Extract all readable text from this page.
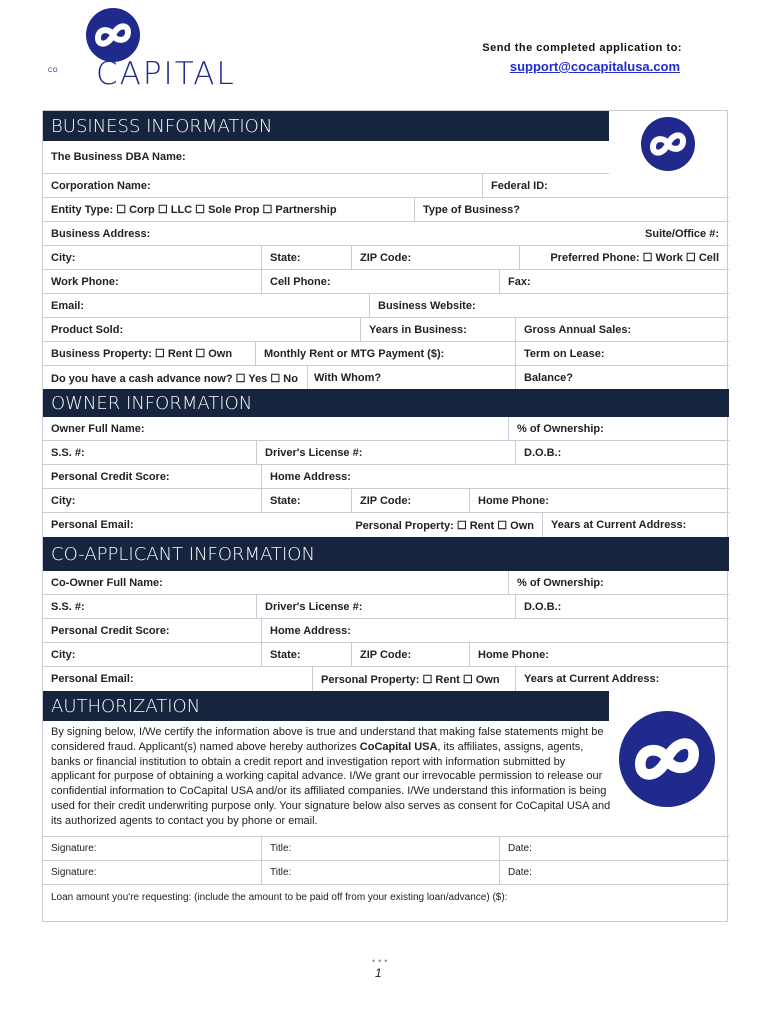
CO CAPITAL
Send the completed application to:
support@cocapitalusa.com
BUSINESS INFORMATION
The Business DBA Name:
Corporation Name:	Federal ID:
Entity Type: ☐ Corp ☐ LLC ☐ Sole Prop ☐ Partnership	Type of Business?
Business Address:	Suite/Office #:
City:	State:	ZIP Code:	Preferred Phone: ☐ Work ☐ Cell
Work Phone:	Cell Phone:	Fax:
Email:	Business Website:
Product Sold:	Years in Business:	Gross Annual Sales:
Business Property: ☐ Rent ☐ Own	Monthly Rent or MTG Payment ($):	Term on Lease:
Do you have a cash advance now? ☐ Yes ☐ No	With Whom?	Balance?
OWNER INFORMATION
Owner Full Name:	% of Ownership:
S.S. #:	Driver's License #:	D.O.B.:
Personal Credit Score:	Home Address:
City:	State:	ZIP Code:	Home Phone:
Personal Email:	Personal Property: ☐ Rent ☐ Own	Years at Current Address:
CO-APPLICANT INFORMATION
Co-Owner Full Name:	% of Ownership:
S.S. #:	Driver's License #:	D.O.B.:
Personal Credit Score:	Home Address:
City:	State:	ZIP Code:	Home Phone:
Personal Email:	Personal Property: ☐ Rent ☐ Own	Years at Current Address:
AUTHORIZATION
By signing below, I/We certify the information above is true and understand that making false statements might be considered fraud. Applicant(s) named above hereby authorizes CoCapital USA, its affiliates, assigns, agents, banks or financial institution to obtain a credit report and investigation report with information submitted by applicant for purpose of obtaining a working capital advance. I/We grant our irrevocable permission to release our confidential information to CoCapital USA and/or its affiliated companies. I/We understand this information is being used for their credit underwriting purpose only. Your signature below also serves as consent for CoCapital USA and its authorized agents to contact you by phone or email.
Signature:	Title:	Date:
Signature:	Title:	Date:
Loan amount you're requesting: (include the amount to be paid off from your existing loan/advance) ($):
•••
1
